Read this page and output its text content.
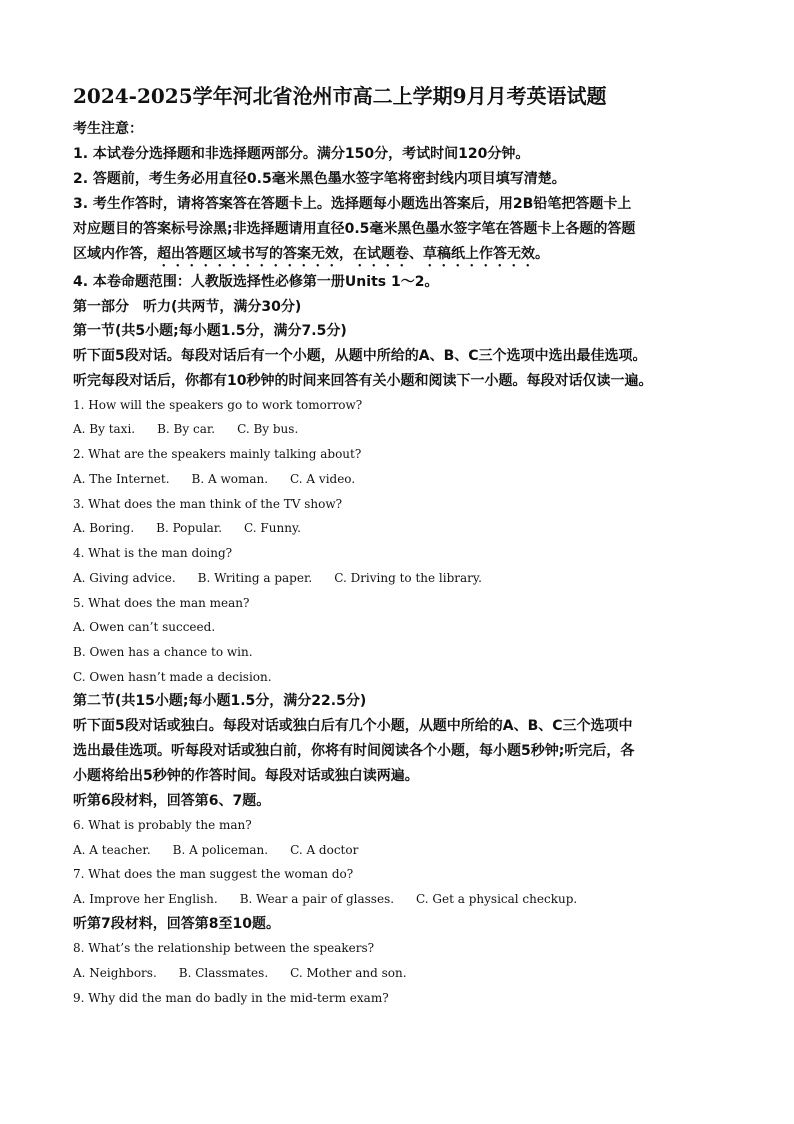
2024-2025学年河北省沧州市高二上学期9月月考英语试题
考生注意：
1. 本试卷分选择题和非选择题两部分。满分150分，考试时间120分钟。
2. 答题前，考生务必用直径0.5毫米黑色墨水签字笔将密封线内项目填写清楚。
3. 考生作答时，请将答案答在答题卡上。选择题每小题选出答案后，用2B铅笔把答题卡上
对应题目的答案标号涂黑;非选择题请用直径0.5毫米黑色墨水签字笔在答题卡上各题的答题
区域内作答，超出答题区域书写的答案无效，在试题卷、草稿纸上作答无效。
4. 本卷命题范围：人教版选择性必修第一册Units 1～2。
第一部分　听力(共两节，满分30分)
第一节(共5小题;每小题1.5分，满分7.5分)
听下面5段对话。每段对话后有一个小题，从题中所给的A、B、C三个选项中选出最佳选项。
听完每段对话后，你都有10秒钟的时间来回答有关小题和阅读下一小题。每段对话仅读一遍。
1. How will the speakers go to work tomorrow?
A. By taxi. B. By car. C. By bus.
2. What are the speakers mainly talking about?
A. The Internet. B. A woman. C. A video.
3. What does the man think of the TV show?
A. Boring. B. Popular. C. Funny.
4. What is the man doing?
A. Giving advice. B. Writing a paper. C. Driving to the library.
5. What does the man mean?
A. Owen can’t succeed.
B. Owen has a chance to win.
C. Owen hasn’t made a decision.
第二节(共15小题;每小题1.5分，满分22.5分)
听下面5段对话或独白。每段对话或独白后有几个小题，从题中所给的A、B、C三个选项中
选出最佳选项。听每段对话或独白前，你将有时间阅读各个小题，每小题5秒钟;听完后，各
小题将给出5秒钟的作答时间。每段对话或独白读两遍。
听第6段材料，回答第6、7题。
6. What is probably the man?
A. A teacher. B. A policeman. C. A doctor
7. What does the man suggest the woman do?
A. Improve her English. B. Wear a pair of glasses. C. Get a physical checkup.
听第7段材料，回答第8至10题。
8. What’s the relationship between the speakers?
A. Neighbors. B. Classmates. C. Mother and son.
9. Why did the man do badly in the mid-term exam?
